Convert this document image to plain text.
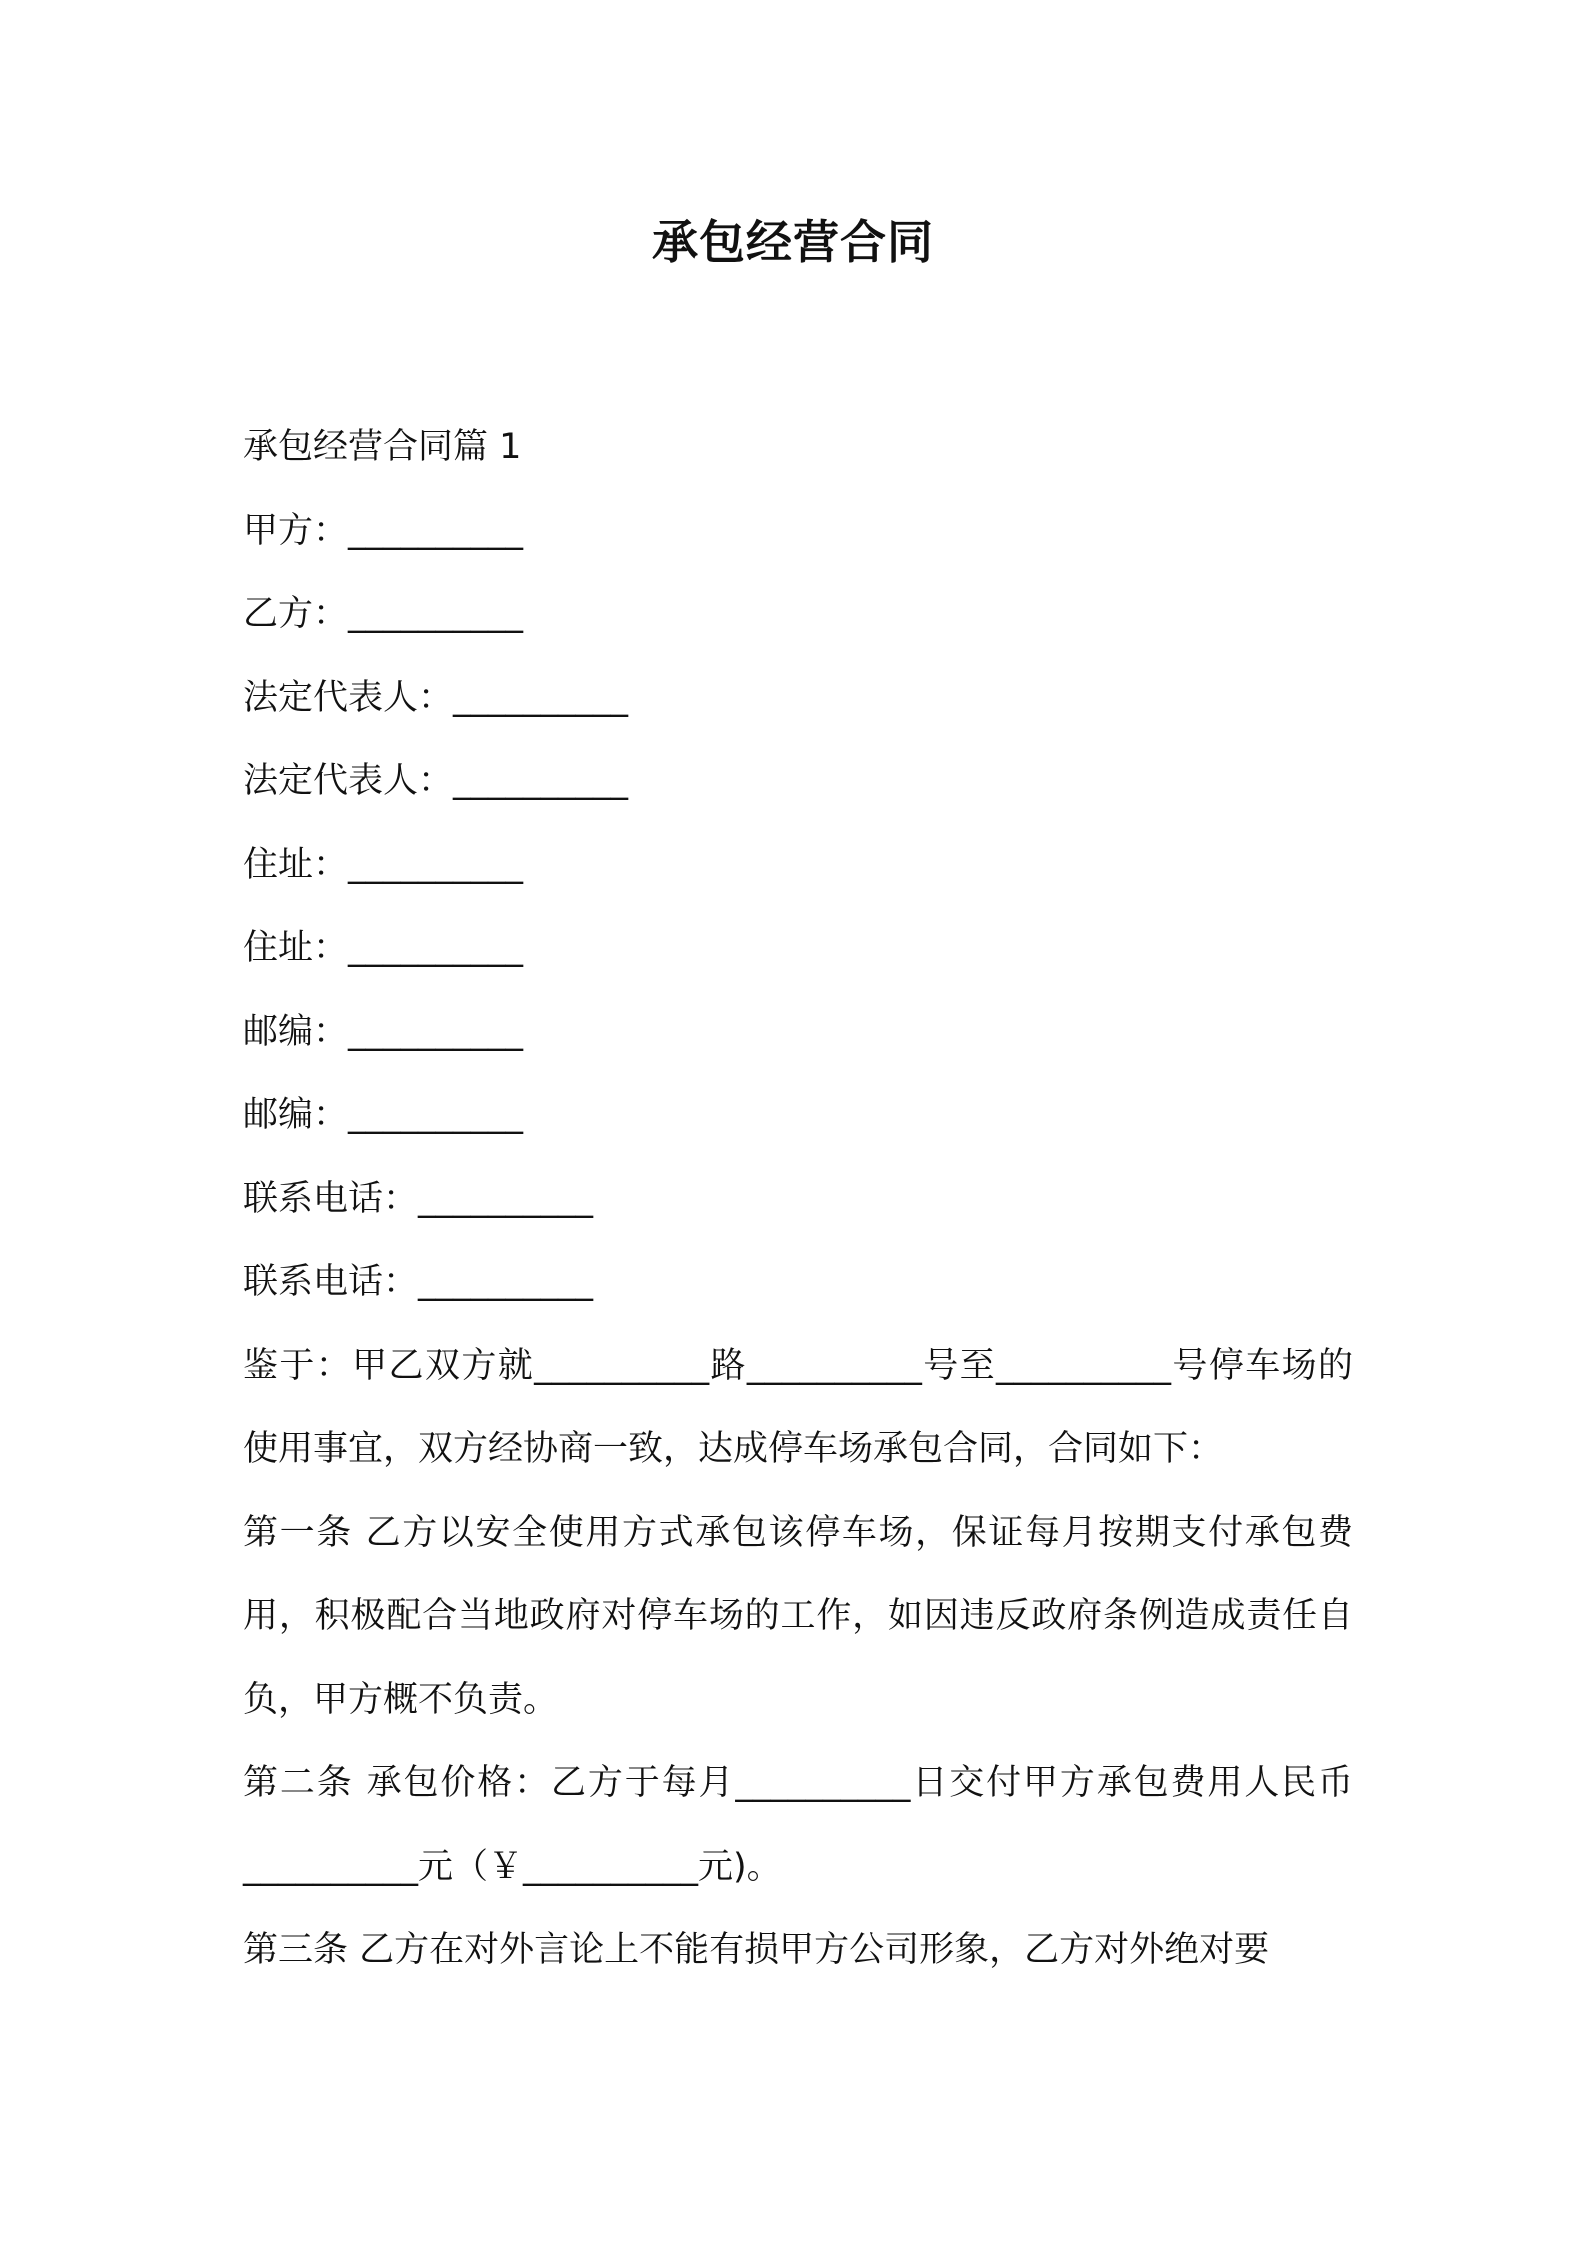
承包经营合同

承包经营合同篇 1

甲方：__________

乙方：__________

法定代表人：__________

法定代表人：__________

住址：__________

住址：__________

邮编：__________

邮编：__________

联系电话：__________

联系电话：__________

鉴于：甲乙双方就__________路__________号至__________号停车场的使用事宜，双方经协商一致，达成停车场承包合同，合同如下：

第一条 乙方以安全使用方式承包该停车场，保证每月按期支付承包费用，积极配合当地政府对停车场的工作，如因违反政府条例造成责任自负，甲方概不负责。

第二条 承包价格：乙方于每月__________日交付甲方承包费用人民币__________元（￥__________元)。

第三条 乙方在对外言论上不能有损甲方公司形象，乙方对外绝对要
